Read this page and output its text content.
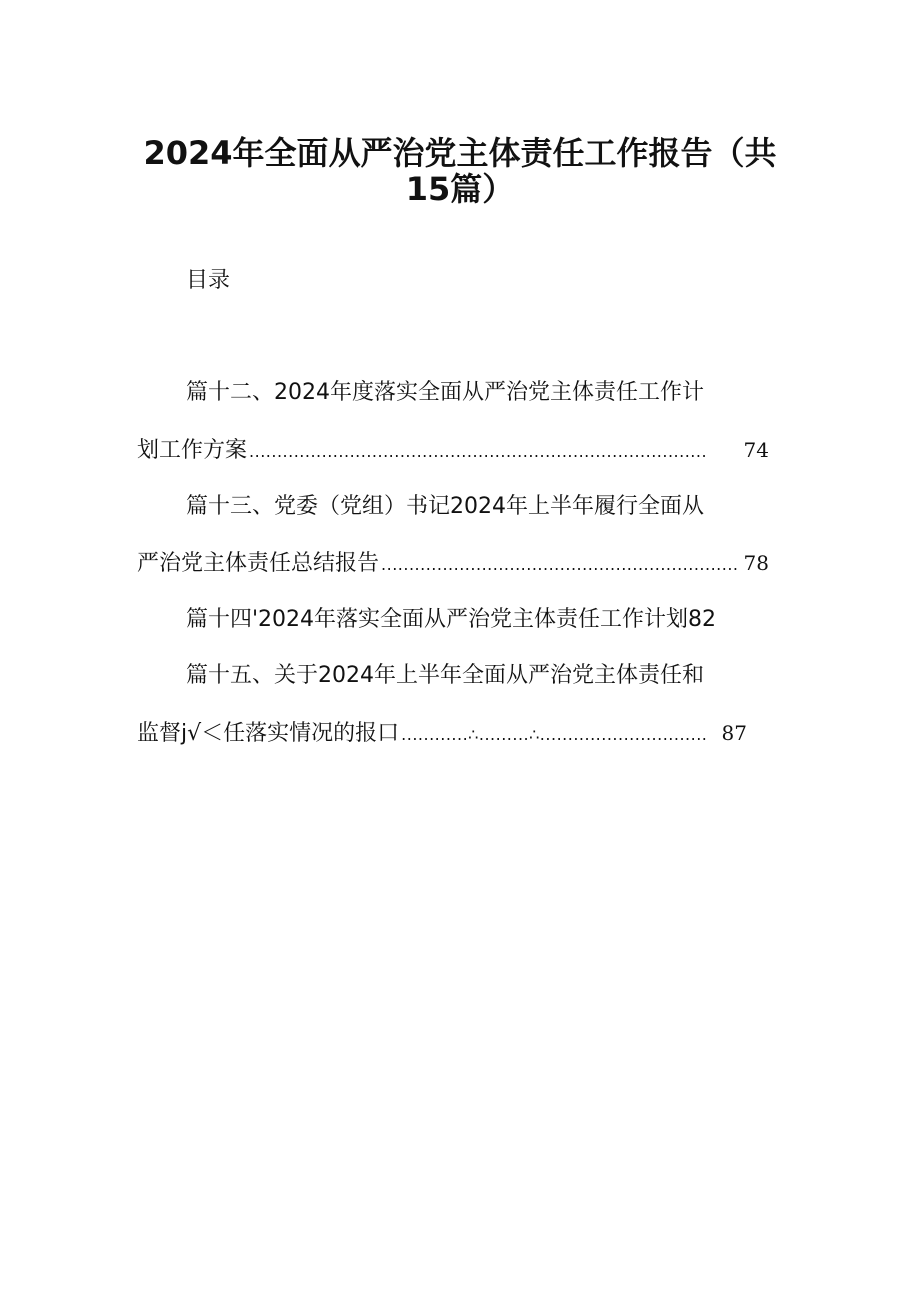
2024年全面从严治党主体责任工作报告（共
15篇）
目录
篇十二、2024年度落实全面从严治党主体责任工作计
划工作方案 ..................................................................................	74
篇十三、党委（党组）书记2024年上半年履行全面从
严治党主体责任总结报告 ................................................................ 78
篇十四'2024年落实全面从严治党主体责任工作计划82
篇十五、关于2024年上半年全面从严治党主体责任和
监督j√＜任落实情况的报口 ............∴.........∴.............................. 87
